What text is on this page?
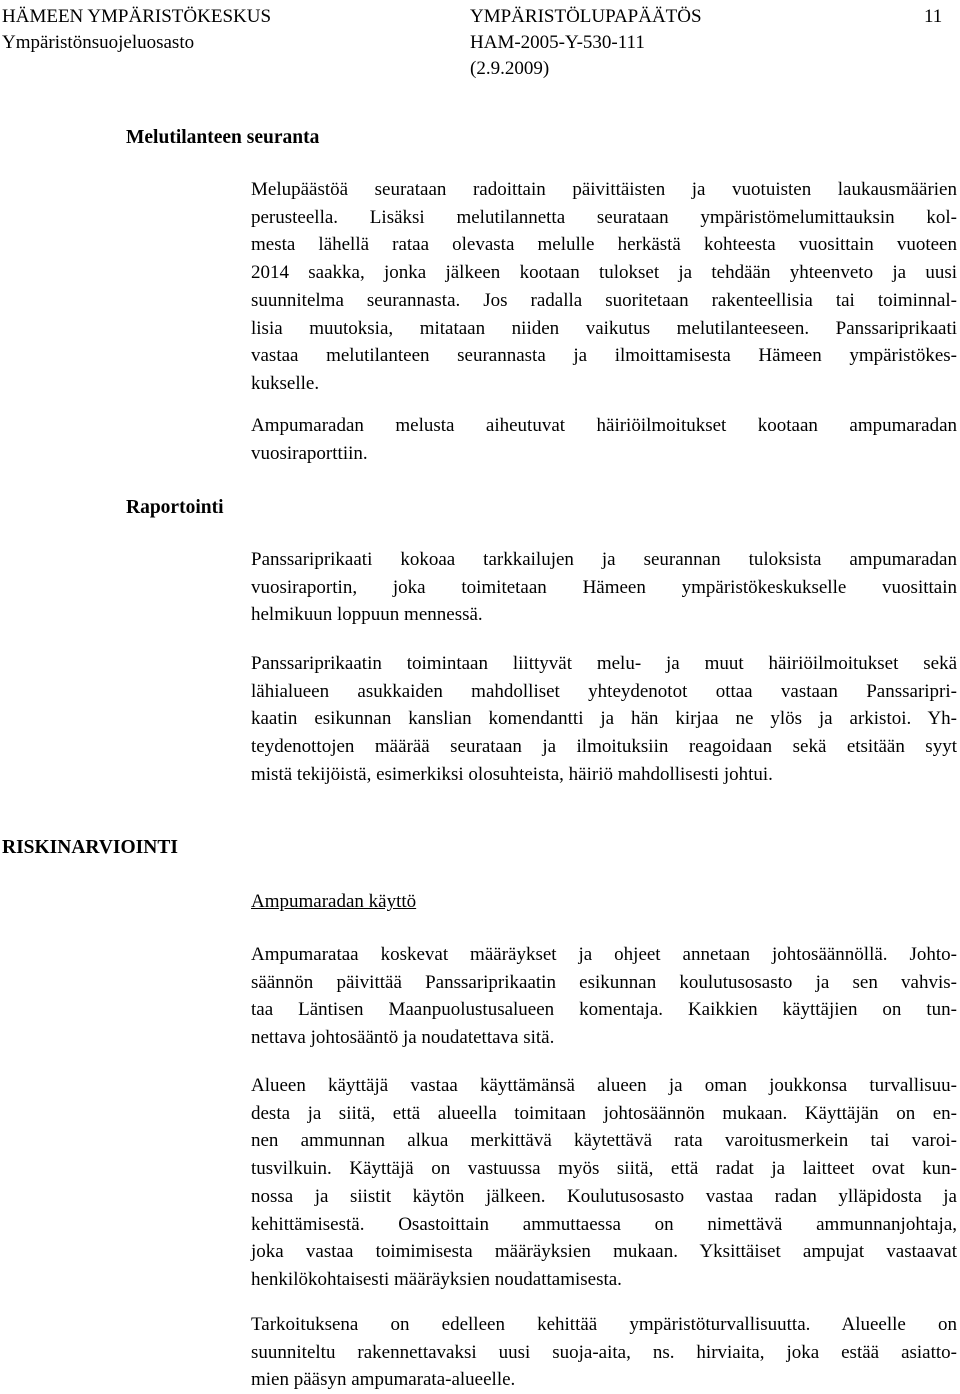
HÄMEEN YMPÄRISTÖKESKUS
Ympäristönsuojeluosasto
YMPÄRISTÖLUPAPÄÄTÖS
HAM-2005-Y-530-111
(2.9.2009)
11
Melutilanteen seuranta
Melupäästöä seurataan radoittain päivittäisten ja vuotuisten laukausmäärien
perusteella. Lisäksi melutilannetta seurataan ympäristömelumittauksin kol-
mesta lähellä rataa olevasta melulle herkästä kohteesta vuosittain vuoteen
2014 saakka, jonka jälkeen kootaan tulokset ja tehdään yhteenveto ja uusi
suunnitelma seurannasta. Jos radalla suoritetaan rakenteellisia tai toiminnal-
lisia muutoksia, mitataan niiden vaikutus melutilanteeseen. Panssariprikaati
vastaa melutilanteen seurannasta ja ilmoittamisesta Hämeen ympäristökes-
kukselle.
Ampumaradan melusta aiheutuvat häiriöilmoitukset kootaan ampumaradan
vuosiraporttiin.
Raportointi
Panssariprikaati kokoaa tarkkailujen ja seurannan tuloksista ampumaradan
vuosiraportin, joka toimitetaan Hämeen ympäristökeskukselle vuosittain
helmikuun loppuun mennessä.
Panssariprikaatin toimintaan liittyvät melu- ja muut häiriöilmoitukset sekä
lähialueen asukkaiden mahdolliset yhteydenotot ottaa vastaan Panssaripri-
kaatin esikunnan kanslian komendantti ja hän kirjaa ne ylös ja arkistoi. Yh-
teydenottojen määrää seurataan ja ilmoituksiin reagoidaan sekä etsitään syyt
mistä tekijöistä, esimerkiksi olosuhteista, häiriö mahdollisesti johtui.
RISKINARVIOINTI
Ampumaradan käyttö
Ampumarataa koskevat määräykset ja ohjeet annetaan johtosäännöllä. Johto-
säännön päivittää Panssariprikaatin esikunnan koulutusosasto ja sen vahvis-
taa Läntisen Maanpuolustusalueen komentaja. Kaikkien käyttäjien on tun-
nettava johtosääntö ja noudatettava sitä.
Alueen käyttäjä vastaa käyttämänsä alueen ja oman joukkonsa turvallisuu-
desta ja siitä, että alueella toimitaan johtosäännön mukaan. Käyttäjän on en-
nen ammunnan alkua merkittävä käytettävä rata varoitusmerkein tai varoi-
tusvilkuin. Käyttäjä on vastuussa myös siitä, että radat ja laitteet ovat kun-
nossa ja siistit käytön jälkeen. Koulutusosasto vastaa radan ylläpidosta ja
kehittämisestä. Osastoittain ammuttaessa on nimettävä ammunnanjohtaja,
joka vastaa toimimisesta määräyksien mukaan. Yksittäiset ampujat vastaavat
henkilökohtaisesti määräyksien noudattamisesta.
Tarkoituksena on edelleen kehittää ympäristöturvallisuutta. Alueelle on
suunniteltu rakennettavaksi uusi suoja-aita, ns. hirviaita, joka estää asiatto-
mien pääsyn ampumarata-alueelle.
